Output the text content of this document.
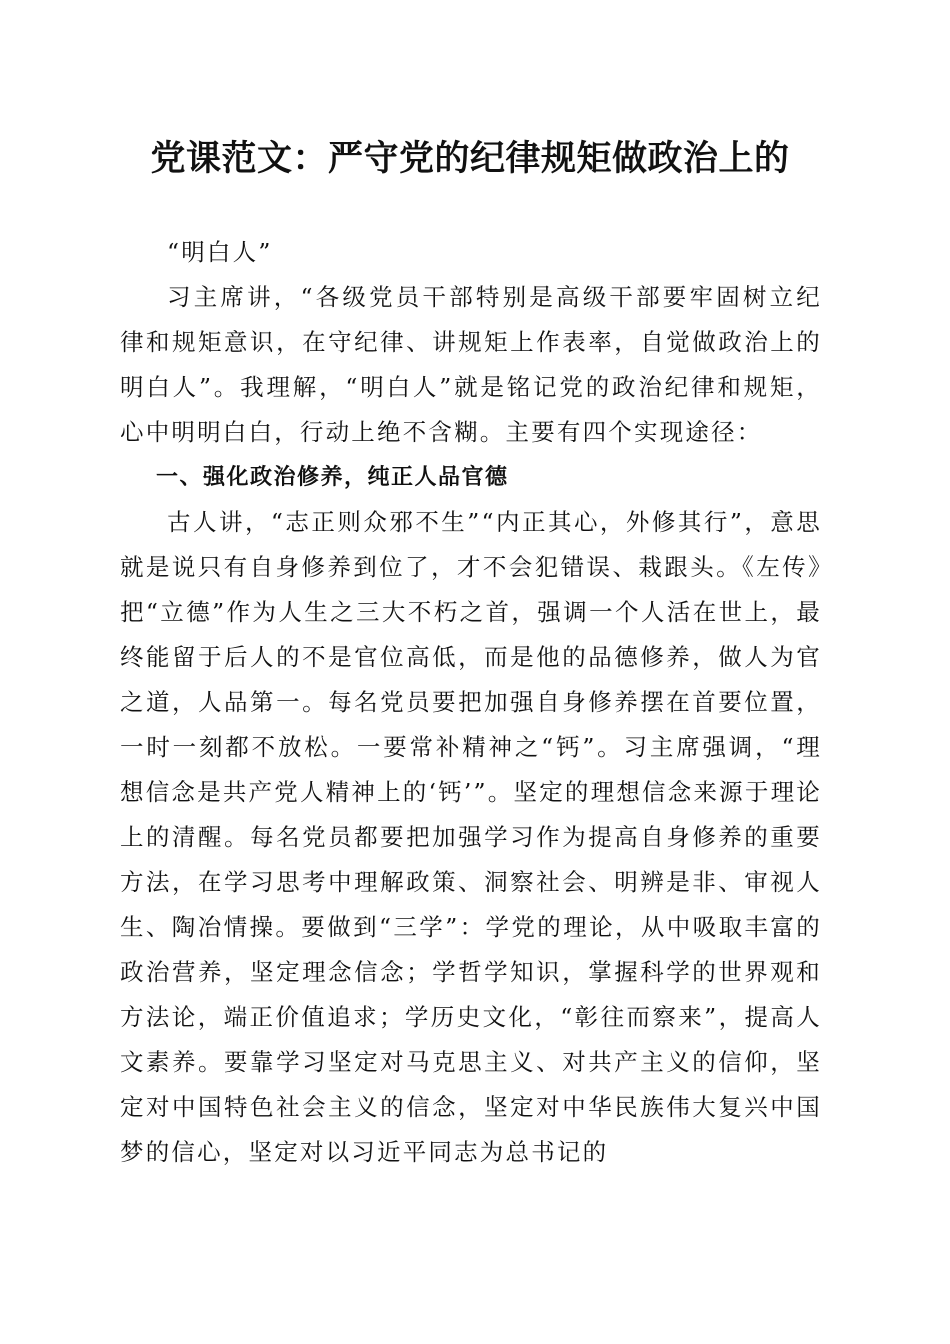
党课范文：严守党的纪律规矩做政治上的

“明白人”

习主席讲，“各级党员干部特别是高级干部要牢固树立纪律和规矩意识，在守纪律、讲规矩上作表率，自觉做政治上的明白人”。我理解，“明白人”就是铭记党的政治纪律和规矩，心中明明白白，行动上绝不含糊。主要有四个实现途径：

一、强化政治修养，纯正人品官德

古人讲，“志正则众邪不生”“内正其心，外修其行”，意思就是说只有自身修养到位了，才不会犯错误、栽跟头。《左传》把“立德”作为人生之三大不朽之首，强调一个人活在世上，最终能留于后人的不是官位高低，而是他的品德修养，做人为官之道，人品第一。每名党员要把加强自身修养摆在首要位置，一时一刻都不放松。一要常补精神之“钙”。习主席强调，“理想信念是共产党人精神上的‘钙’”。坚定的理想信念来源于理论上的清醒。每名党员都要把加强学习作为提高自身修养的重要方法，在学习思考中理解政策、洞察社会、明辨是非、审视人生、陶冶情操。要做到“三学”：学党的理论，从中吸取丰富的政治营养，坚定理念信念；学哲学知识，掌握科学的世界观和方法论，端正价值追求；学历史文化，“彰往而察来”，提高人文素养。要靠学习坚定对马克思主义、对共产主义的信仰，坚定对中国特色社会主义的信念，坚定对中华民族伟大复兴中国梦的信心，坚定对以习近平同志为总书记的
